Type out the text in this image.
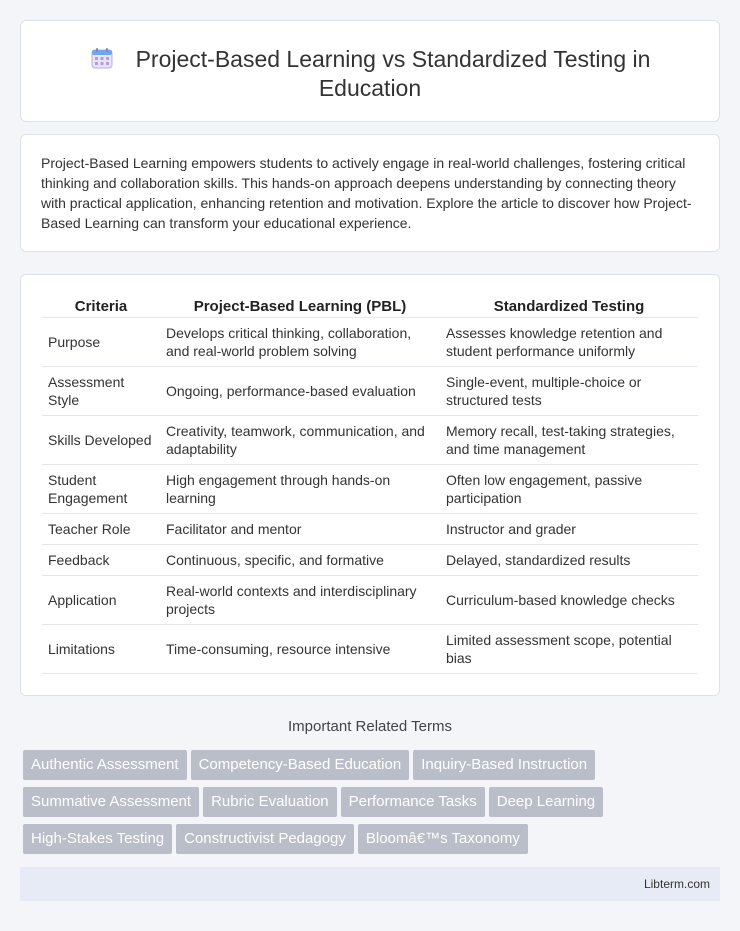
Project-Based Learning vs Standardized Testing in Education

Project-Based Learning empowers students to actively engage in real-world challenges, fostering critical thinking and collaboration skills. This hands-on approach deepens understanding by connecting theory with practical application, enhancing retention and motivation. Explore the article to discover how Project-Based Learning can transform your educational experience.

Criteria	Project-Based Learning (PBL)	Standardized Testing
Purpose	Develops critical thinking, collaboration, and real-world problem solving	Assesses knowledge retention and student performance uniformly
Assessment Style	Ongoing, performance-based evaluation	Single-event, multiple-choice or structured tests
Skills Developed	Creativity, teamwork, communication, and adaptability	Memory recall, test-taking strategies, and time management
Student Engagement	High engagement through hands-on learning	Often low engagement, passive participation
Teacher Role	Facilitator and mentor	Instructor and grader
Feedback	Continuous, specific, and formative	Delayed, standardized results
Application	Real-world contexts and interdisciplinary projects	Curriculum-based knowledge checks
Limitations	Time-consuming, resource intensive	Limited assessment scope, potential bias
Important Related Terms
Authentic Assessment Competency-Based Education Inquiry-Based Instruction
Summative Assessment Rubric Evaluation Performance Tasks Deep Learning
High-Stakes Testing Constructivist Pedagogy Bloomâ€™s Taxonomy
Libterm.com
